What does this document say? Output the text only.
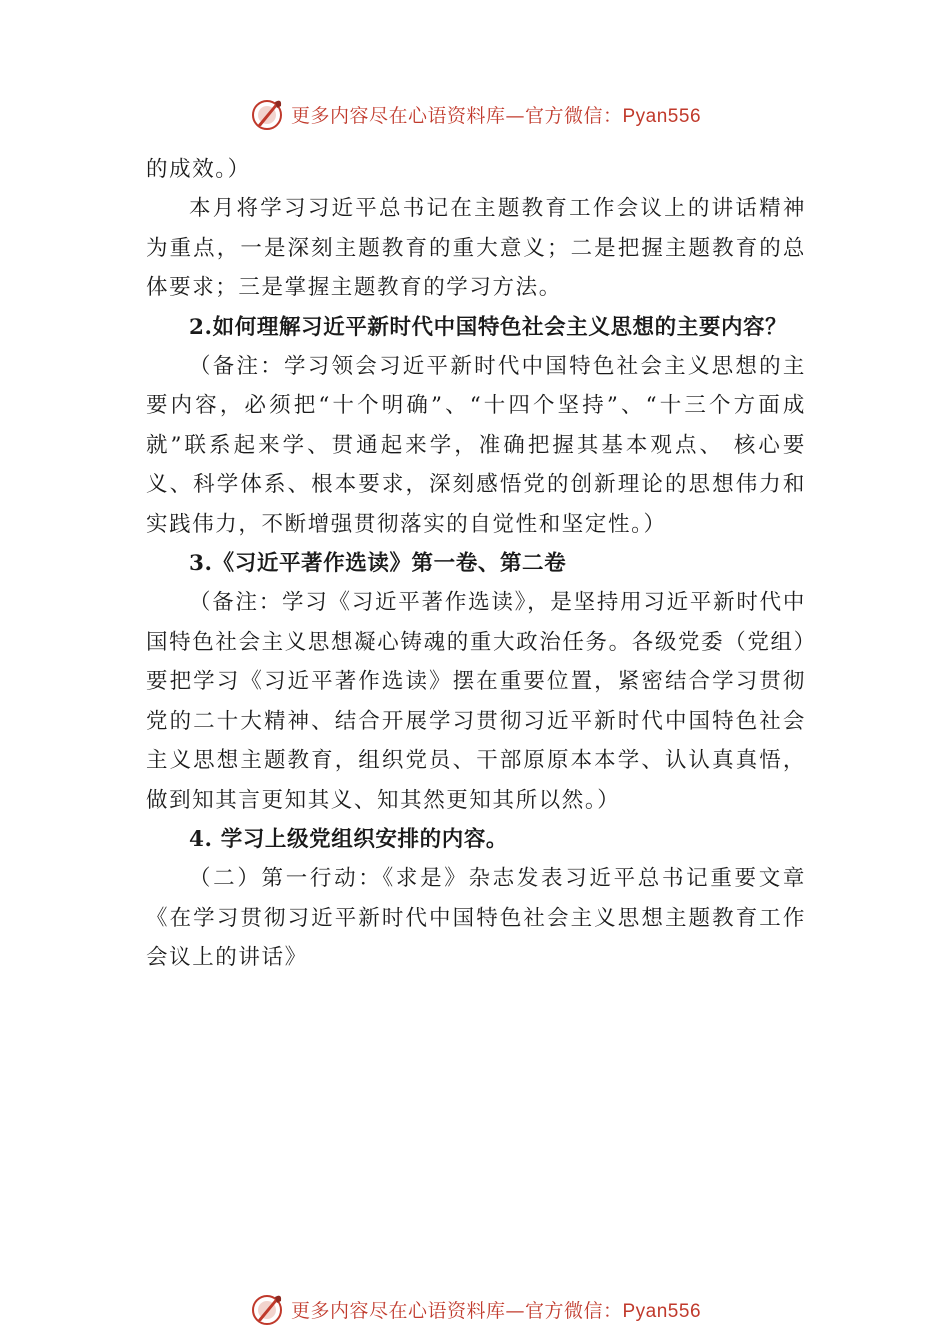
更多内容尽在心语资料库—官方微信：Pyan556

的成效。）

本月将学习习近平总书记在主题教育工作会议上的讲话精神为重点，一是深刻主题教育的重大意义；二是把握主题教育的总体要求；三是掌握主题教育的学习方法。

2.如何理解习近平新时代中国特色社会主义思想的主要内容？

（备注：学习领会习近平新时代中国特色社会主义思想的主要内容，必须把“十个明确”、“十四个坚持”、“十三个方面成就”联系起来学、贯通起来学，准确把握其基本观点、 核心要义、科学体系、根本要求，深刻感悟党的创新理论的思想伟力和实践伟力，不断增强贯彻落实的自觉性和坚定性。）

3.《习近平著作选读》第一卷、第二卷

（备注：学习《习近平著作选读》，是坚持用习近平新时代中国特色社会主义思想凝心铸魂的重大政治任务。各级党委（党组）要把学习《习近平著作选读》摆在重要位置，紧密结合学习贯彻党的二十大精神、结合开展学习贯彻习近平新时代中国特色社会主义思想主题教育，组织党员、干部原原本本学、认认真真悟，做到知其言更知其义、知其然更知其所以然。）

4. 学习上级党组织安排的内容。

（二）第一行动：《求是》杂志发表习近平总书记重要文章《在学习贯彻习近平新时代中国特色社会主义思想主题教育工作会议上的讲话》

更多内容尽在心语资料库—官方微信：Pyan556
